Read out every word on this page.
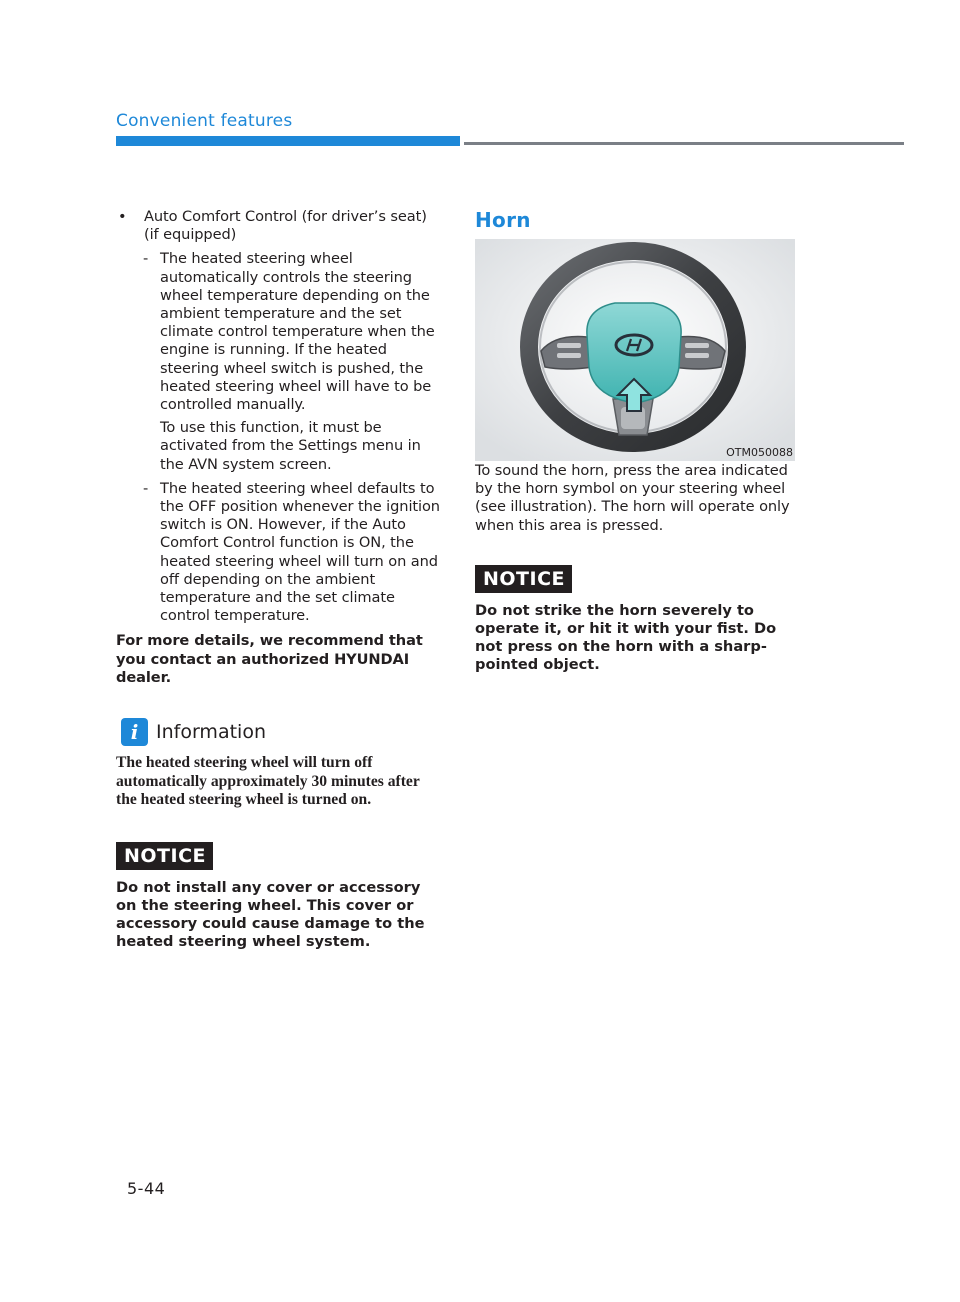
Convenient features
•	Auto Comfort Control (for driver’s seat) (if equipped)
- The heated steering wheel automatically controls the steering wheel temperature depending on the ambient temperature and the set climate control temperature when the engine is running. If the heated steering wheel switch is pushed, the heated steering wheel will have to be controlled manually.
To use this function, it must be activated from the Settings menu in the AVN system screen.
- The heated steering wheel defaults to the OFF position whenever the ignition switch is ON. However, if the Auto Comfort Control function is ON, the heated steering wheel will turn on and off depending on the ambient temperature and the set climate control temperature.
For more details, we recommend that you contact an authorized HYUNDAI dealer.
i Information
The heated steering wheel will turn off automatically approximately 30 minutes after the heated steering wheel is turned on.
NOTICE
Do not install any cover or accessory on the steering wheel. This cover or accessory could cause damage to the heated steering wheel system.
Horn
OTM050088
To sound the horn, press the area indicated by the horn symbol on your steering wheel (see illustration). The horn will operate only when this area is pressed.
NOTICE
Do not strike the horn severely to operate it, or hit it with your fist. Do not press on the horn with a sharp-pointed object.
5-44
